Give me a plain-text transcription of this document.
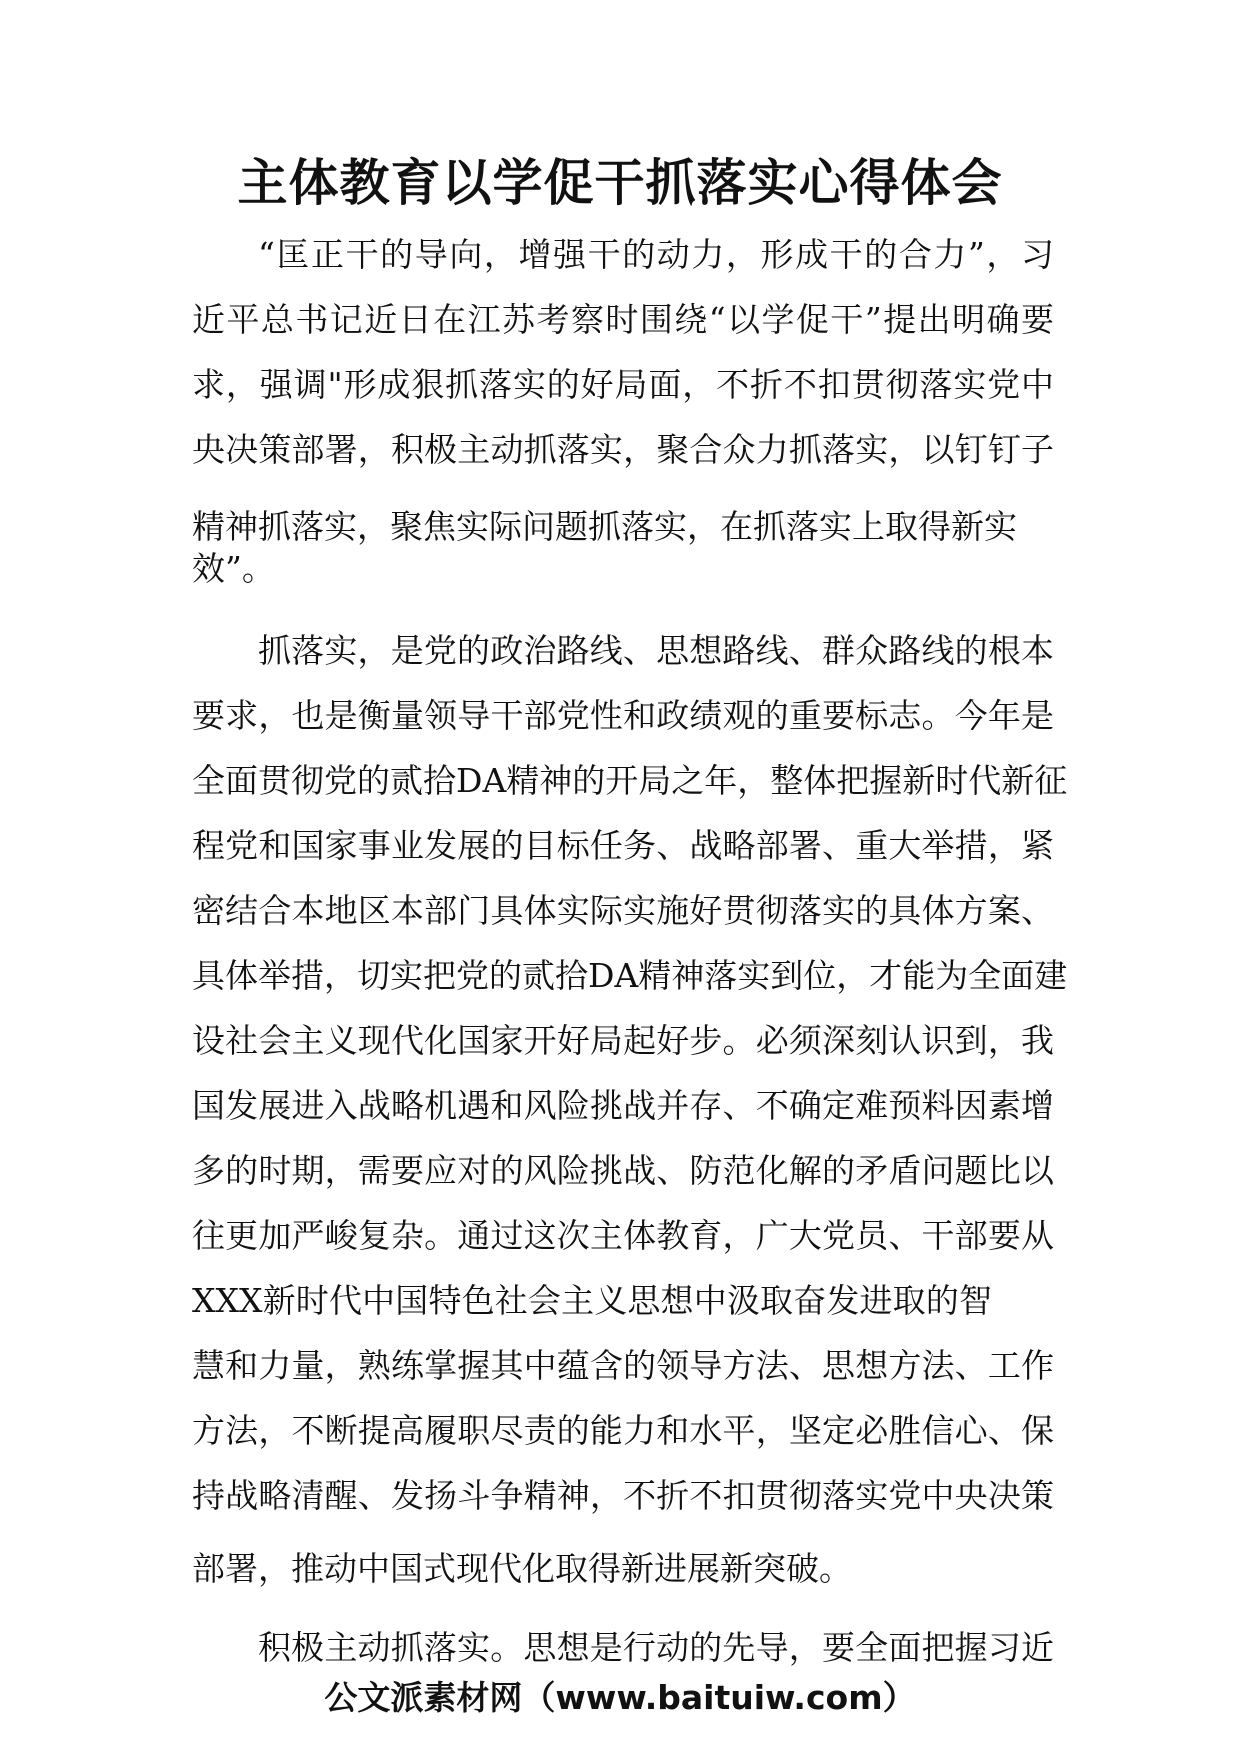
主体教育以学促干抓落实心得体会

“匡正干的导向，增强干的动力，形成干的合力”，习

近平总书记近日在江苏考察时围绕“以学促干”提出明确要

求，强调"形成狠抓落实的好局面，不折不扣贯彻落实党中

央决策部署，积极主动抓落实，聚合众力抓落实，以钉钉子

精神抓落实，聚焦实际问题抓落实，在抓落实上取得新实

效”。

抓落实，是党的政治路线、思想路线、群众路线的根本

要求，也是衡量领导干部党性和政绩观的重要标志。今年是

全面贯彻党的贰拾DA精神的开局之年，整体把握新时代新征

程党和国家事业发展的目标任务、战略部署、重大举措，紧

密结合本地区本部门具体实际实施好贯彻落实的具体方案、

具体举措，切实把党的贰拾DA精神落实到位，才能为全面建

设社会主义现代化国家开好局起好步。必须深刻认识到，我

国发展进入战略机遇和风险挑战并存、不确定难预料因素增

多的时期，需要应对的风险挑战、防范化解的矛盾问题比以

往更加严峻复杂。通过这次主体教育，广大党员、干部要从

XXX新时代中国特色社会主义思想中汲取奋发进取的智

慧和力量，熟练掌握其中蕴含的领导方法、思想方法、工作

方法，不断提高履职尽责的能力和水平，坚定必胜信心、保

持战略清醒、发扬斗争精神，不折不扣贯彻落实党中央决策

部署，推动中国式现代化取得新进展新突破。

积极主动抓落实。思想是行动的先导，要全面把握习近

公文派素材网（www.baituiw.com）
